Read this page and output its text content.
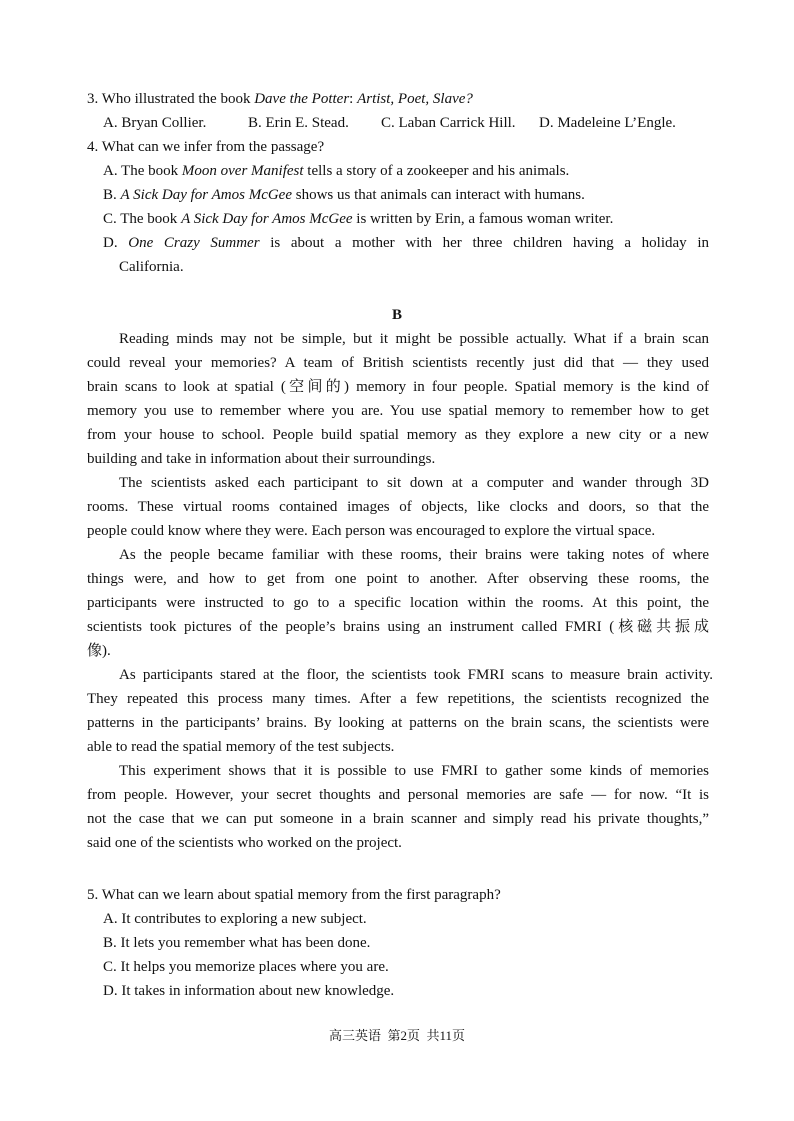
3. Who illustrated the book Dave the Potter: Artist, Poet, Slave?
A. Bryan Collier.	B. Erin E. Stead. C. Laban Carrick Hill. D. Madeleine L’Engle.
4. What can we infer from the passage?
A. The book Moon over Manifest tells a story of a zookeeper and his animals.
B. A Sick Day for Amos McGee shows us that animals can interact with humans.
C. The book A Sick Day for Amos McGee is written by Erin, a famous woman writer.
D. One Crazy Summer is about a mother with her three children having a holiday in
California.
B
Reading minds may not be simple, but it might be possible actually. What if a brain scan
could reveal your memories? A team of British scientists recently just did that — they used
brain scans to look at spatial (空间的) memory in four people. Spatial memory is the kind of
memory you use to remember where you are. You use spatial memory to remember how to get
from your house to school. People build spatial memory as they explore a new city or a new
building and take in information about their surroundings.
The scientists asked each participant to sit down at a computer and wander through 3D
rooms. These virtual rooms contained images of objects, like clocks and doors, so that the
people could know where they were. Each person was encouraged to explore the virtual space.
As the people became familiar with these rooms, their brains were taking notes of where
things were, and how to get from one point to another. After observing these rooms, the
participants were instructed to go to a specific location within the rooms. At this point, the
scientists took pictures of the people’s brains using an instrument called FMRI (核磁共振成
像).
As participants stared at the floor, the scientists took FMRI scans to measure brain activity.
They repeated this process many times. After a few repetitions, the scientists recognized the
patterns in the participants’ brains. By looking at patterns on the brain scans, the scientists were
able to read the spatial memory of the test subjects.
This experiment shows that it is possible to use FMRI to gather some kinds of memories
from people. However, your secret thoughts and personal memories are safe — for now. “It is
not the case that we can put someone in a brain scanner and simply read his private thoughts,”
said one of the scientists who worked on the project.
5. What can we learn about spatial memory from the first paragraph?
A. It contributes to exploring a new subject.
B. It lets you remember what has been done.
C. It helps you memorize places where you are.
D. It takes in information about new knowledge.
高三英语  第2页  共11页
